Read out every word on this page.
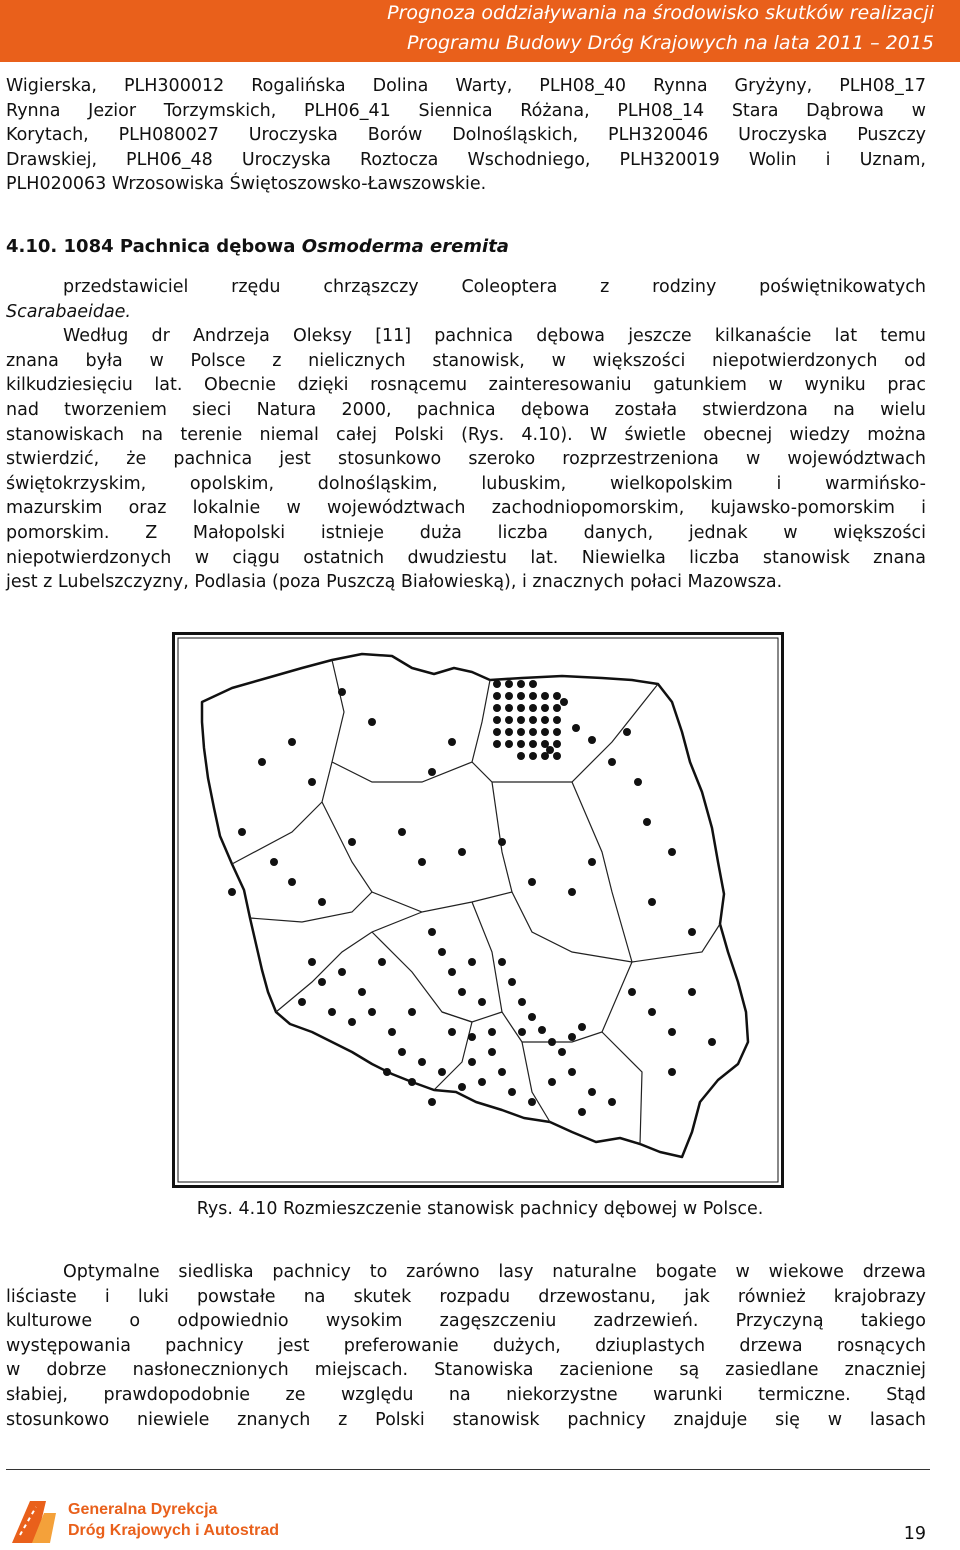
Prognoza oddziaływania na środowisko skutków realizacji
Programu Budowy Dróg Krajowych na lata 2011 – 2015
Wigierska, PLH300012 Rogalińska Dolina Warty, PLH08_40 Rynna Gryżyny, PLH08_17
Rynna Jezior Torzymskich, PLH06_41 Siennica Różana, PLH08_14 Stara Dąbrowa w
Korytach, PLH080027 Uroczyska Borów Dolnośląskich, PLH320046 Uroczyska Puszczy
Drawskiej, PLH06_48 Uroczyska Roztocza Wschodniego, PLH320019 Wolin i Uznam,
PLH020063 Wrzosowiska Świętoszowsko-Ławszowskie.
4.10. 1084 Pachnica dębowa Osmoderma eremita
przedstawiciel rzędu chrząszczy Coleoptera z rodziny poświętnikowatych
Scarabaeidae.
Według dr Andrzeja Oleksy [11] pachnica dębowa jeszcze kilkanaście lat temu
znana była w Polsce z nielicznych stanowisk, w większości niepotwierdzonych od
kilkudziesięciu lat. Obecnie dzięki rosnącemu zainteresowaniu gatunkiem w wyniku prac
nad tworzeniem sieci Natura 2000, pachnica dębowa została stwierdzona na wielu
stanowiskach na terenie niemal całej Polski (Rys. 4.10). W świetle obecnej wiedzy można
stwierdzić, że pachnica jest stosunkowo szeroko rozprzestrzeniona w województwach
świętokrzyskim, opolskim, dolnośląskim, lubuskim, wielkopolskim i warmińsko-
mazurskim oraz lokalnie w województwach zachodniopomorskim, kujawsko-pomorskim i
pomorskim. Z Małopolski istnieje duża liczba danych, jednak w większości
niepotwierdzonych w ciągu ostatnich dwudziestu lat. Niewielka liczba stanowisk znana
jest z Lubelszczyzny, Podlasia (poza Puszczą Białowieską), i znacznych połaci Mazowsza.
Rys. 4.10 Rozmieszczenie stanowisk pachnicy dębowej w Polsce.
Optymalne siedliska pachnicy to zarówno lasy naturalne bogate w wiekowe drzewa
liściaste i luki powstałe na skutek rozpadu drzewostanu, jak również krajobrazy
kulturowe o odpowiednio wysokim zagęszczeniu zadrzewień. Przyczyną takiego
występowania pachnicy jest preferowanie dużych, dziuplastych drzewa rosnących
w dobrze nasłonecznionych miejscach. Stanowiska zacienione są zasiedlane znaczniej
słabiej, prawdopodobnie ze względu na niekorzystne warunki termiczne. Stąd
stosunkowo niewiele znanych z Polski stanowisk pachnicy znajduje się w lasach
Generalna Dyrekcja
Dróg Krajowych i Autostrad	19
